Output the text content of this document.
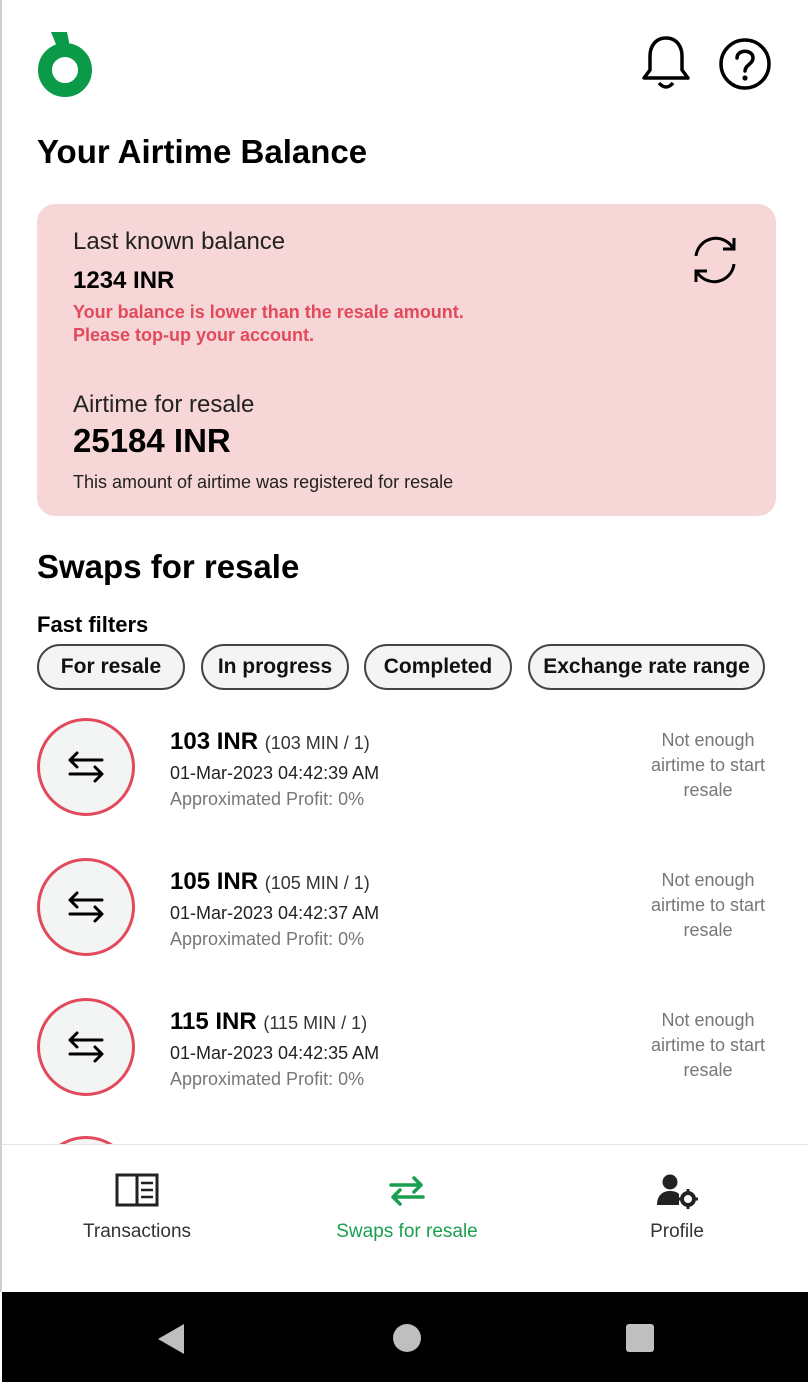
Your Airtime Balance
Last known balance
1234 INR
Your balance is lower than the resale amount.
Please top-up your account.
Airtime for resale
25184 INR
This amount of airtime was registered for resale
Swaps for resale
Fast filters
For resale	In progress	Completed	Exchange rate range
103 INR (103 MIN / 1)
01-Mar-2023 04:42:39 AM
Approximated Profit: 0%
Not enough
airtime to start
resale
105 INR (105 MIN / 1)
01-Mar-2023 04:42:37 AM
Approximated Profit: 0%
Not enough
airtime to start
resale
115 INR (115 MIN / 1)
01-Mar-2023 04:42:35 AM
Approximated Profit: 0%
Not enough
airtime to start
resale
Transactions	Swaps for resale	Profile
